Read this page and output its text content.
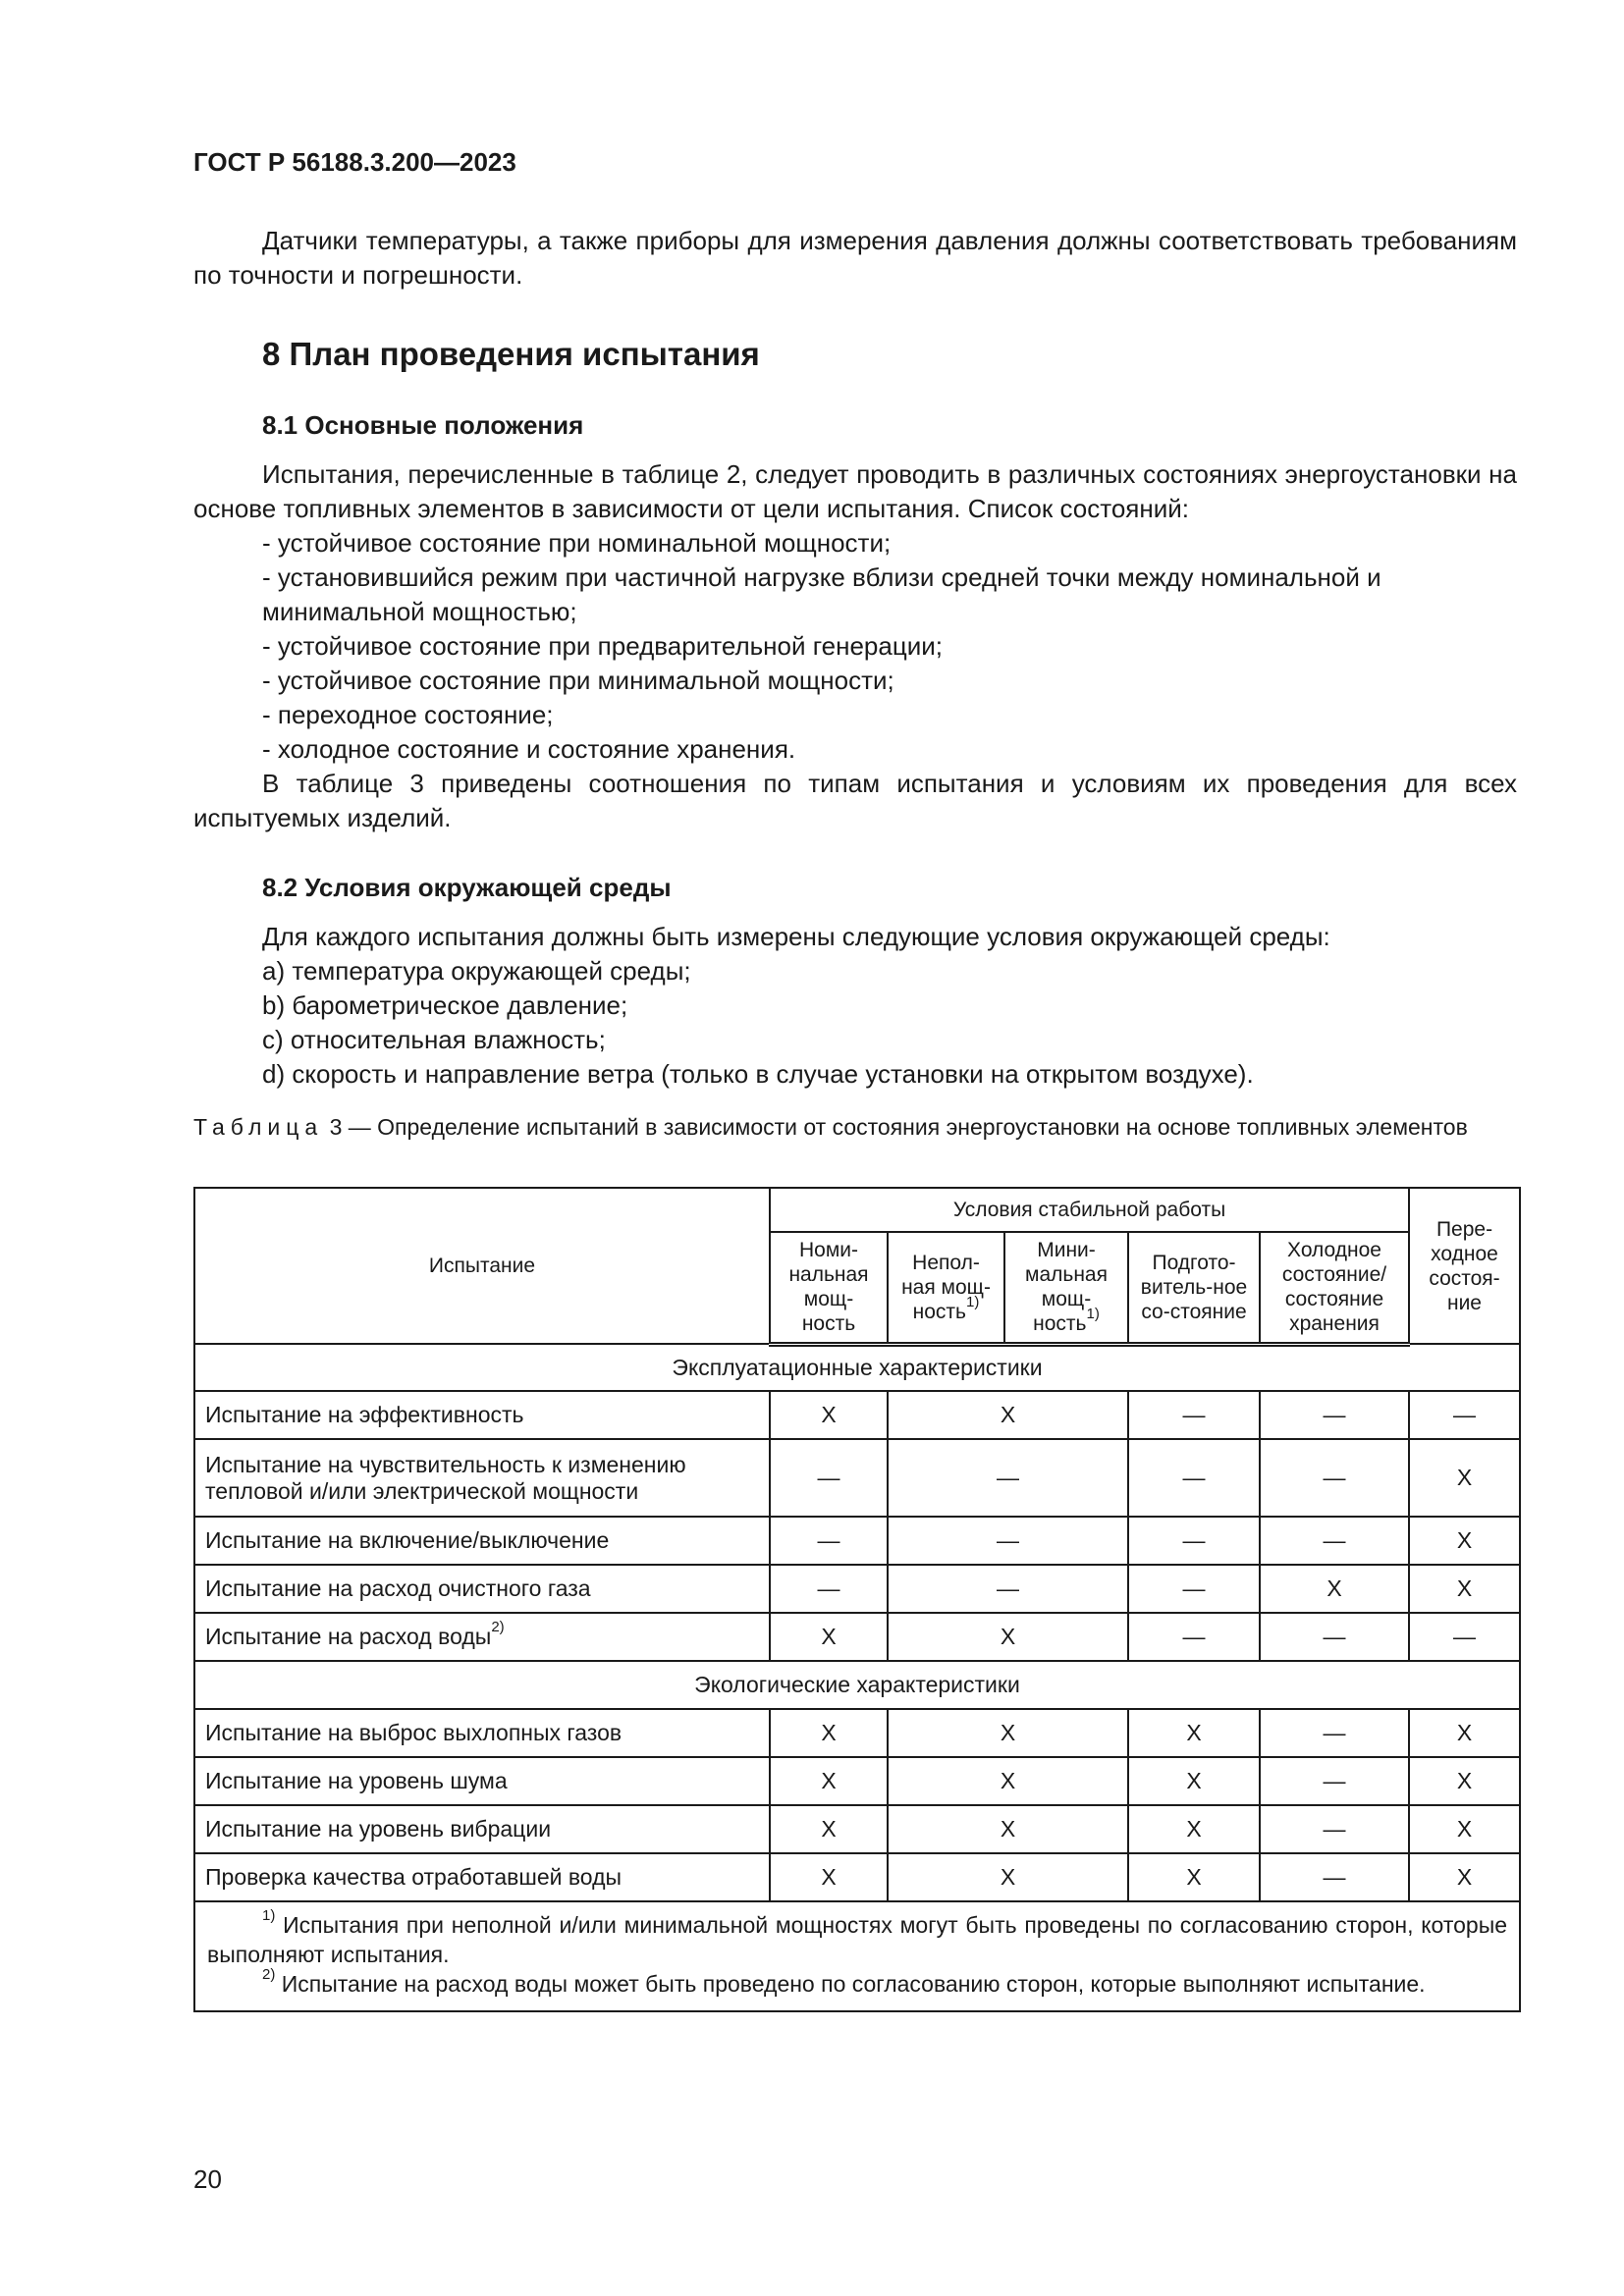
ГОСТ Р 56188.3.200—2023

Датчики температуры, а также приборы для измерения давления должны соответствовать требованиям по точности и погрешности.

8 План проведения испытания
8.1 Основные положения

Испытания, перечисленные в таблице 2, следует проводить в различных состояниях энергоустановки на основе топливных элементов в зависимости от цели испытания. Список состояний:

- устойчивое состояние при номинальной мощности;

- установившийся режим при частичной нагрузке вблизи средней точки между номинальной и минимальной мощностью;

- устойчивое состояние при предварительной генерации;

- устойчивое состояние при минимальной мощности;

- переходное состояние;

- холодное состояние и состояние хранения.

В таблице 3 приведены соотношения по типам испытания и условиям их проведения для всех испытуемых изделий.

8.2 Условия окружающей среды

Для каждого испытания должны быть измерены следующие условия окружающей среды:

a) температура окружающей среды;

b) барометрическое давление;

c) относительная влажность;

d) скорость и направление ветра (только в случае установки на открытом воздухе).

Таблица 3 — Определение испытаний в зависимости от состояния энергоустановки на основе топливных элементов
Испытание	Условия стабильной работы					Пере-ходное состоя-ние
	Номи-нальная мощ-ность	Непол-ная мощ-ность$^{1)}$	Мини-мальная мощ-ность$^{1)}$	Подгото-витель-ное со-стояние	Холодное состояние/ состояние хранения	
Эксплуатационные характеристики						
Испытание на эффективность	X	X		—	—	—
Испытание на чувствительность к изменению тепловой и/или электрической мощности	—	—		—	—	X
Испытание на включение/выключение	—	—		—	—	X
Испытание на расход очистного газа	—	—		—	X	X
Испытание на расход воды$^{2)}$	X	X		—	—	—
Экологические характеристики						
Испытание на выброс выхлопных газов	X	X		X	—	X
Испытание на уровень шума	X	X		X	—	X
Испытание на уровень вибрации	X	X		X	—	X
Проверка качества отработавшей воды	X	X		X	—	X

$^{1)}$ Испытания при неполной и/или минимальной мощностях могут быть проведены по согласованию сторон, которые выполняют испытания.

$^{2)}$ Испытание на расход воды может быть проведено по согласованию сторон, которые выполняют испытание.						

20
